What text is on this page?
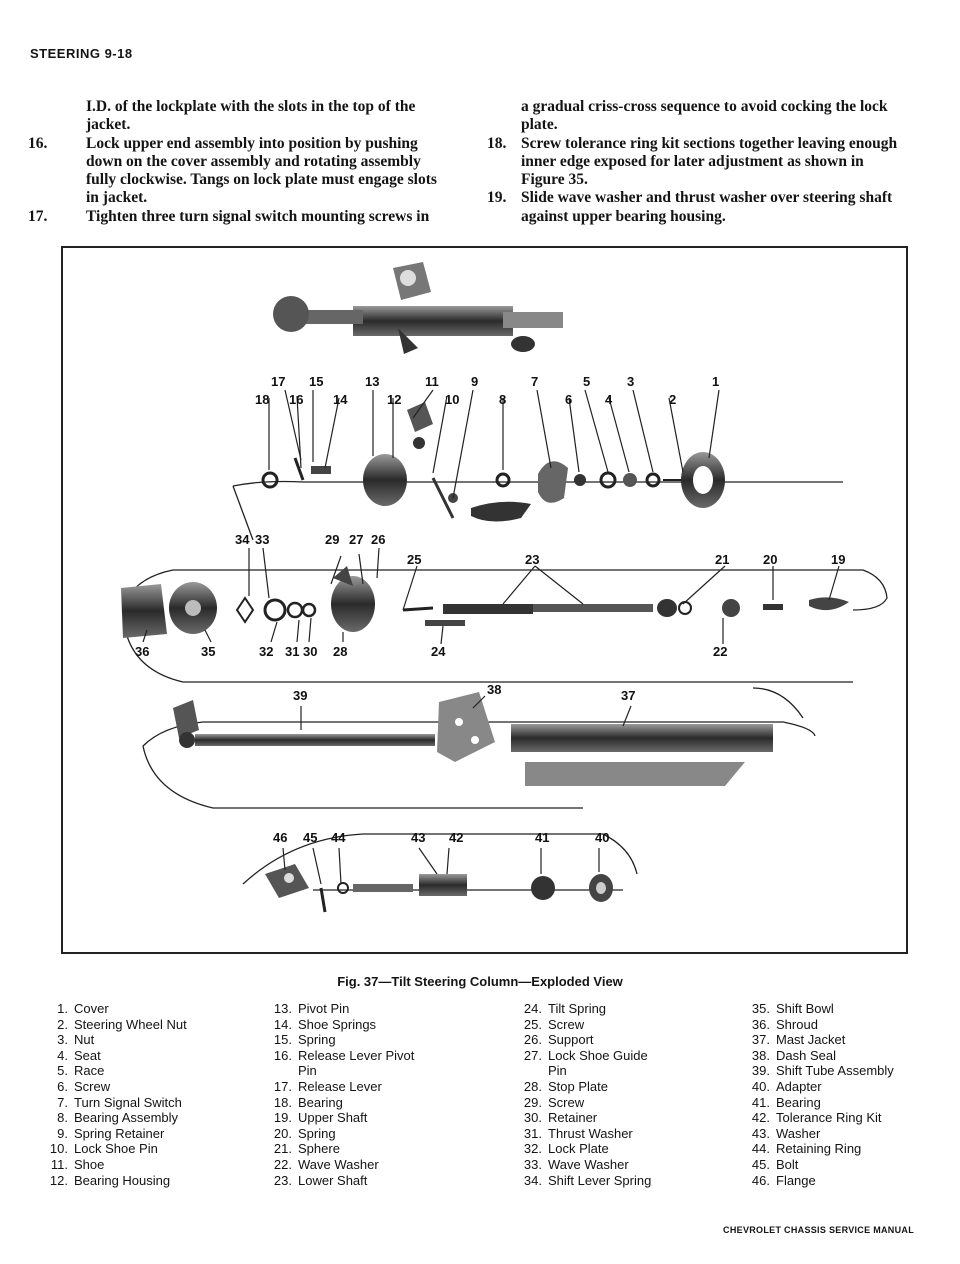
STEERING 9-18
I.D. of the lockplate with the slots in the top of the jacket.
16.	Lock upper end assembly into position by pushing down on the cover assembly and rotating assembly fully clockwise. Tangs on lock plate must engage slots in jacket.
17.	Tighten three turn signal switch mounting screws in
a gradual criss-cross sequence to avoid cocking the lock plate.
18. Screw tolerance ring kit sections together leaving enough inner edge exposed for later adjustment as shown in Figure 35.
19. Slide wave washer and thrust washer over steering shaft against upper bearing housing.
1
2
3
4
5
6
7
8
9
10
11
12
13
14
15
16
17
18
19
20
21
22
23
24
25
26
27
28
29
30
31
32
33
34
35
36
37
38
39
40
41
42
43
44
45
46
Fig. 37—Tilt Steering Column—Exploded View
1. Cover
2. Steering Wheel Nut
3. Nut
4. Seat
5. Race
6. Screw
7. Turn Signal Switch
8. Bearing Assembly
9. Spring Retainer
10. Lock Shoe Pin
11. Shoe
12. Bearing Housing
13. Pivot Pin
14. Shoe Springs
15. Spring
16. Release Lever Pivot
Pin
17. Release Lever
18. Bearing
19. Upper Shaft
20. Spring
21. Sphere
22. Wave Washer
23. Lower Shaft
24. Tilt Spring
25. Screw
26. Support
27. Lock Shoe Guide
Pin
28. Stop Plate
29. Screw
30. Retainer
31. Thrust Washer
32. Lock Plate
33. Wave Washer
34. Shift Lever Spring
35. Shift Bowl
36. Shroud
37. Mast Jacket
38. Dash Seal
39. Shift Tube Assembly
40. Adapter
41. Bearing
42. Tolerance Ring Kit
43. Washer
44. Retaining Ring
45. Bolt
46. Flange
CHEVROLET CHASSIS SERVICE MANUAL
